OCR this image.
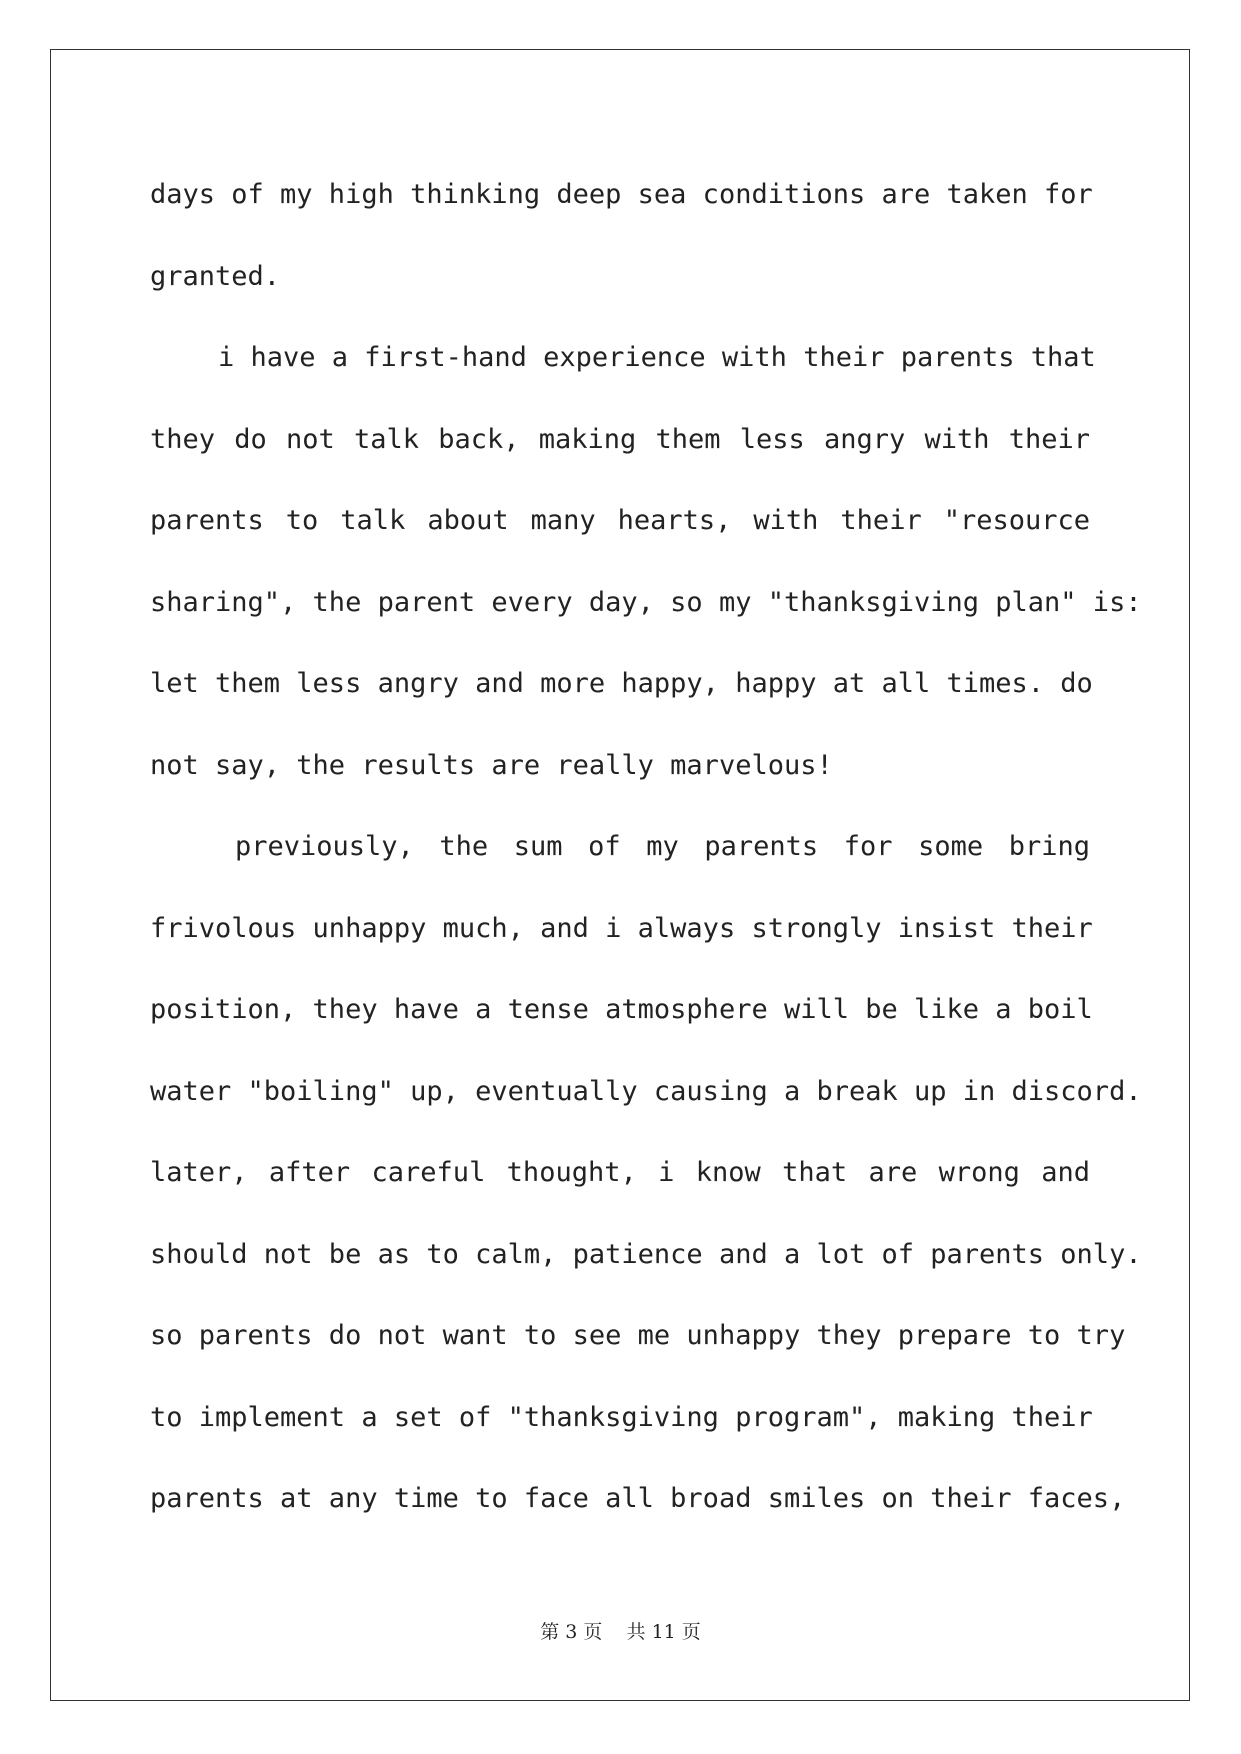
days of my high thinking deep sea conditions are taken for
granted.
i have a first-hand experience with their parents that
they do not talk back, making them less angry with their
parents to talk about many hearts, with their "resource
sharing", the parent every day, so my "thanksgiving plan" is:
let them less angry and more happy, happy at all times. do
not say, the results are really marvelous!
previously, the sum of my parents for some bring
frivolous unhappy much, and i always strongly insist their
position, they have a tense atmosphere will be like a boil
water "boiling" up, eventually causing a break up in discord.
later, after careful thought, i know that are wrong and
should not be as to calm, patience and a lot of parents only.
so parents do not want to see me unhappy they prepare to try
to implement a set of "thanksgiving program", making their
parents at any time to face all broad smiles on their faces,
第 3 页    共 11 页
